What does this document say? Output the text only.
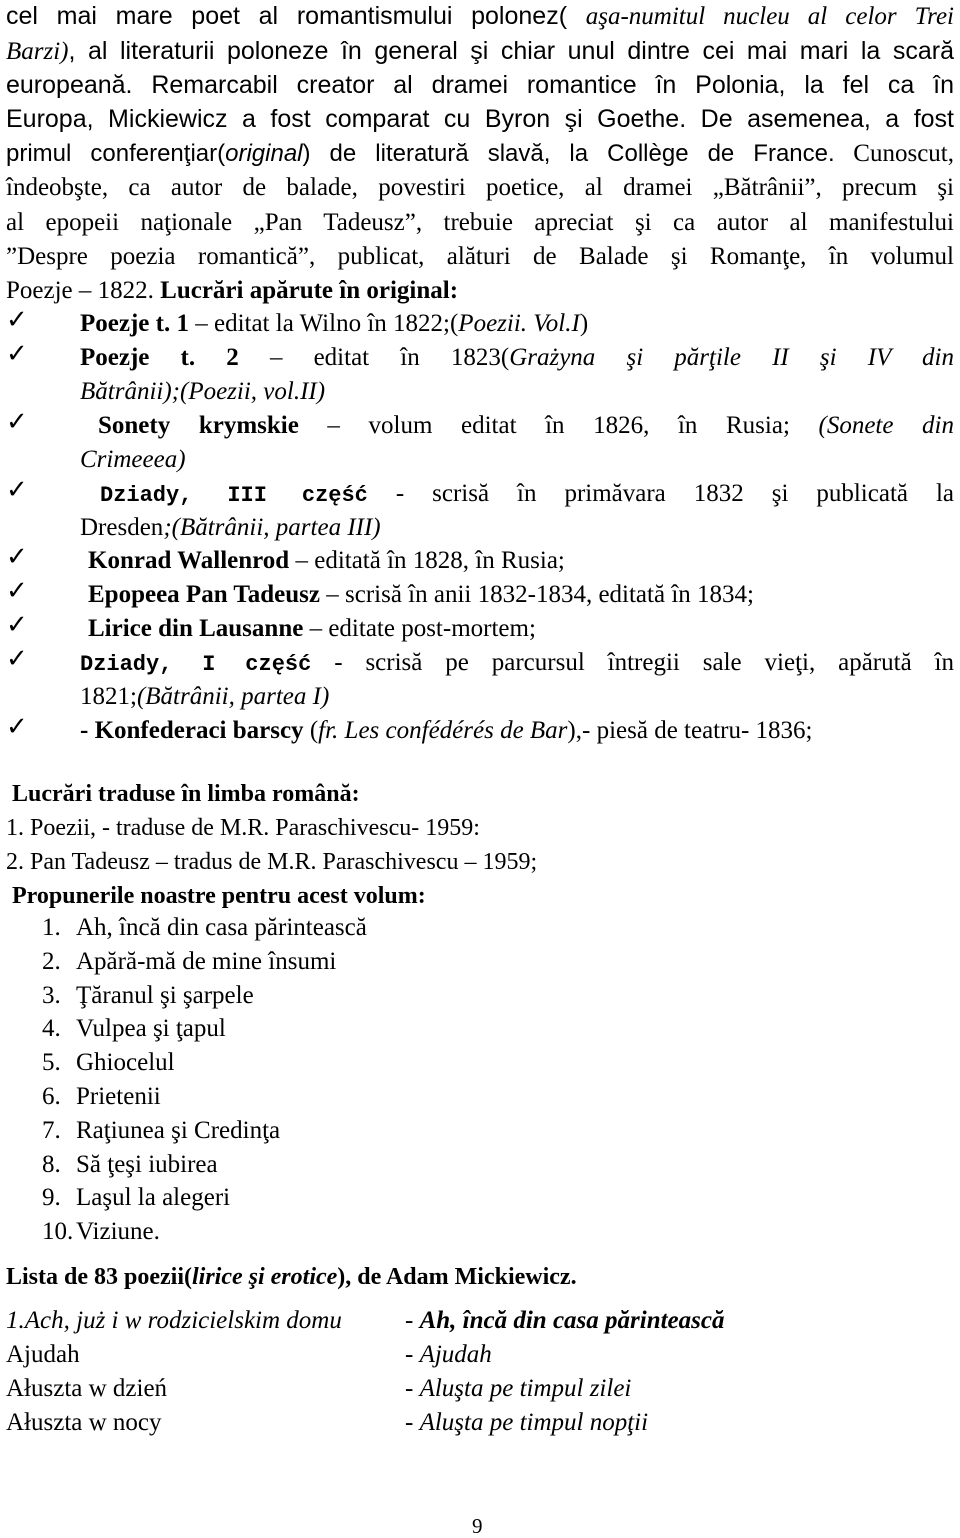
cel mai mare poet al romantismului polonez( aşa-numitul nucleu al celor Trei
Barzi), al literaturii poloneze în general şi chiar unul dintre cei mai mari la scară
europeană. Remarcabil creator al dramei romantice în Polonia, la fel ca în
Europa, Mickiewicz a fost comparat cu Byron şi Goethe. De asemenea, a fost
primul conferenţiar(original) de literatură slavă, la Collège de France. Cunoscut,
îndeobşte, ca autor de balade, povestiri poetice, al dramei „Bătrânii”, precum şi
al epopeii naţionale „Pan Tadeusz”, trebuie apreciat şi ca autor al manifestului
”Despre poezia romantică”, publicat, alături de Balade şi Romanţe, în volumul
Poezje – 1822. Lucrări apărute în original:
✓ Poezje t. 1 – editat la Wilno în 1822;(Poezii. Vol.I)
✓ Poezje t. 2 – editat în 1823(Grażyna şi părţile II şi IV din
Bătrânii);(Poezii, vol.II)
✓	Sonety krymskie – volum editat în 1826, în Rusia; (Sonete din
Crimeeea)
✓	Dziady, III część - scrisă în primăvara 1832 şi publicată la
Dresden;(Bătrânii, partea III)
✓ Konrad Wallenrod – editată în 1828, în Rusia;
✓ Epopeea Pan Tadeusz – scrisă în anii 1832-1834, editată în 1834;
✓ Lirice din Lausanne – editate post-mortem;
✓ Dziady, I część - scrisă pe parcursul întregii sale vieţi, apărută în
1821;(Bătrânii, partea I)
✓ - Konfederaci barscy (fr. Les confédérés de Bar),- piesă de teatru- 1836;
Lucrări traduse în limba română:
1. Poezii, - traduse de M.R. Paraschivescu- 1959:
2. Pan Tadeusz – tradus de M.R. Paraschivescu – 1959;
Propunerile noastre pentru acest volum:
1. Ah, încă din casa părintească
2. Apără-mă de mine însumi
3. Ţăranul şi şarpele
4. Vulpea şi ţapul
5. Ghiocelul
6. Prietenii
7. Raţiunea şi Credinţa
8. Să ţeşi iubirea
9. Laşul la alegeri
10. Viziune.
Lista de 83 poezii(lirice şi erotice), de Adam Mickiewicz.
1.Ach, już i w rodzicielskim domu	- Ah, încă din casa părintească
Ajudah	- Ajudah
Ałuszta w dzień	- Aluşta pe timpul zilei
Ałuszta w nocy	- Aluşta pe timpul nopţii
9
